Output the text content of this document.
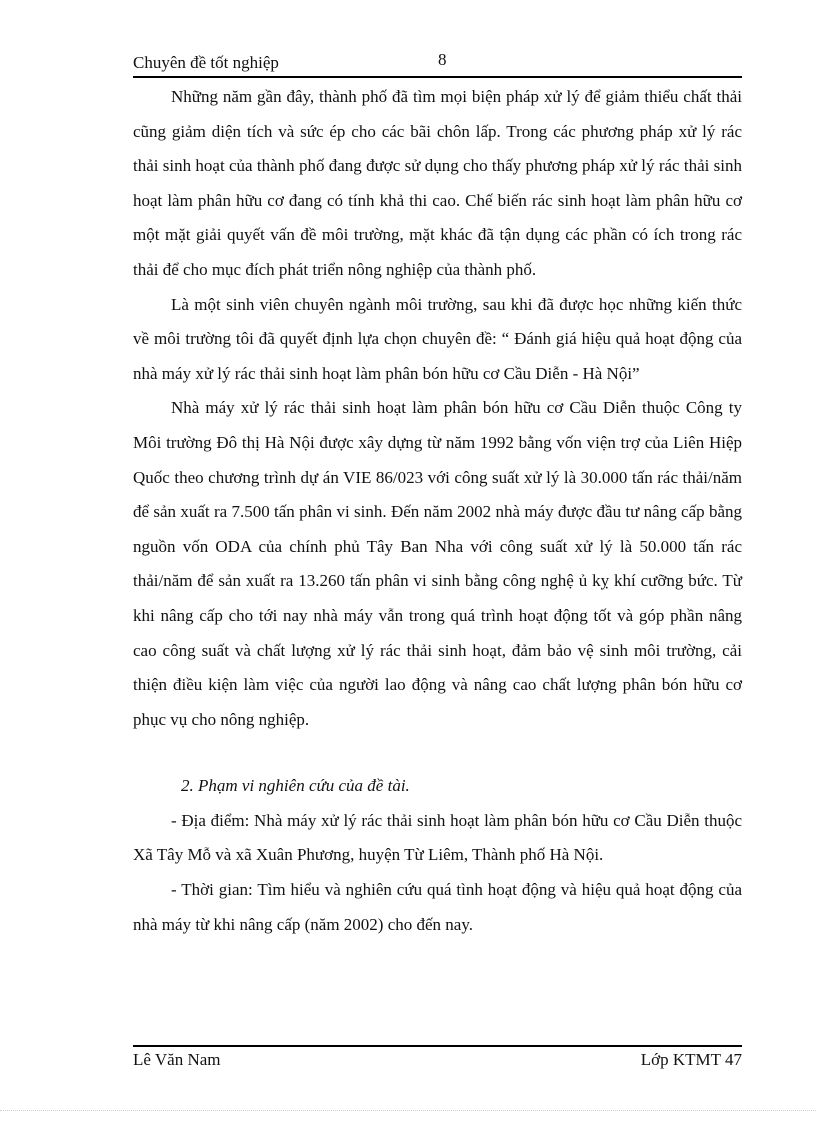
Chuyên đề tốt nghiệp	8

Những năm gần đây, thành phố đã tìm mọi biện pháp xử lý để giảm thiểu chất thải cũng giảm diện tích và sức ép cho các bãi chôn lấp. Trong các phương pháp xử lý rác thải sinh hoạt của thành phố đang được sử dụng cho thấy phương pháp xử lý rác thải sinh hoạt làm phân hữu cơ đang có tính khả thi cao. Chế biến rác sinh hoạt làm phân hữu cơ một mặt giải quyết vấn đề môi trường, mặt khác đã tận dụng các phần có ích trong rác thải để cho mục đích phát triển nông nghiệp của thành phố.

Là một sinh viên chuyên ngành môi trường, sau khi đã được học những kiến thức về môi trường tôi đã quyết định lựa chọn chuyên đề: “ Đánh giá hiệu quả hoạt động của nhà máy xử lý rác thải sinh hoạt làm phân bón hữu cơ Cầu Diễn - Hà Nội”

Nhà máy xử lý rác thải sinh hoạt làm phân bón hữu cơ Cầu Diễn thuộc Công ty Môi trường Đô thị Hà Nội được xây dựng từ năm 1992 bằng vốn viện trợ của Liên Hiệp Quốc theo chương trình dự án VIE 86/023 với công suất xử lý là 30.000 tấn rác thải/năm để sản xuất ra 7.500 tấn phân vi sinh. Đến năm 2002 nhà máy được đầu tư nâng cấp bằng nguồn vốn ODA của chính phủ Tây Ban Nha với công suất xử lý là 50.000 tấn rác thải/năm để sản xuất ra 13.260 tấn phân vi sinh bằng công nghệ ủ kỵ khí cưỡng bức. Từ khi nâng cấp cho tới nay nhà máy vẫn trong quá trình hoạt động tốt và góp phần nâng cao công suất và chất lượng xử lý rác thải sinh hoạt, đảm bảo vệ sinh môi trường, cải thiện điều kiện làm việc của người lao động và nâng cao chất lượng phân bón hữu cơ phục vụ cho nông nghiệp.

2. Phạm vi nghiên cứu của đề tài.

- Địa điểm: Nhà máy xử lý rác thải sinh hoạt làm phân bón hữu cơ Cầu Diễn thuộc Xã Tây Mỗ và xã Xuân Phương, huyện Từ Liêm, Thành phố Hà Nội.

- Thời gian: Tìm hiểu và nghiên cứu quá tình hoạt động và hiệu quả hoạt động của nhà máy từ khi nâng cấp (năm 2002) cho đến nay.

Lê Văn Nam	Lớp KTMT 47
